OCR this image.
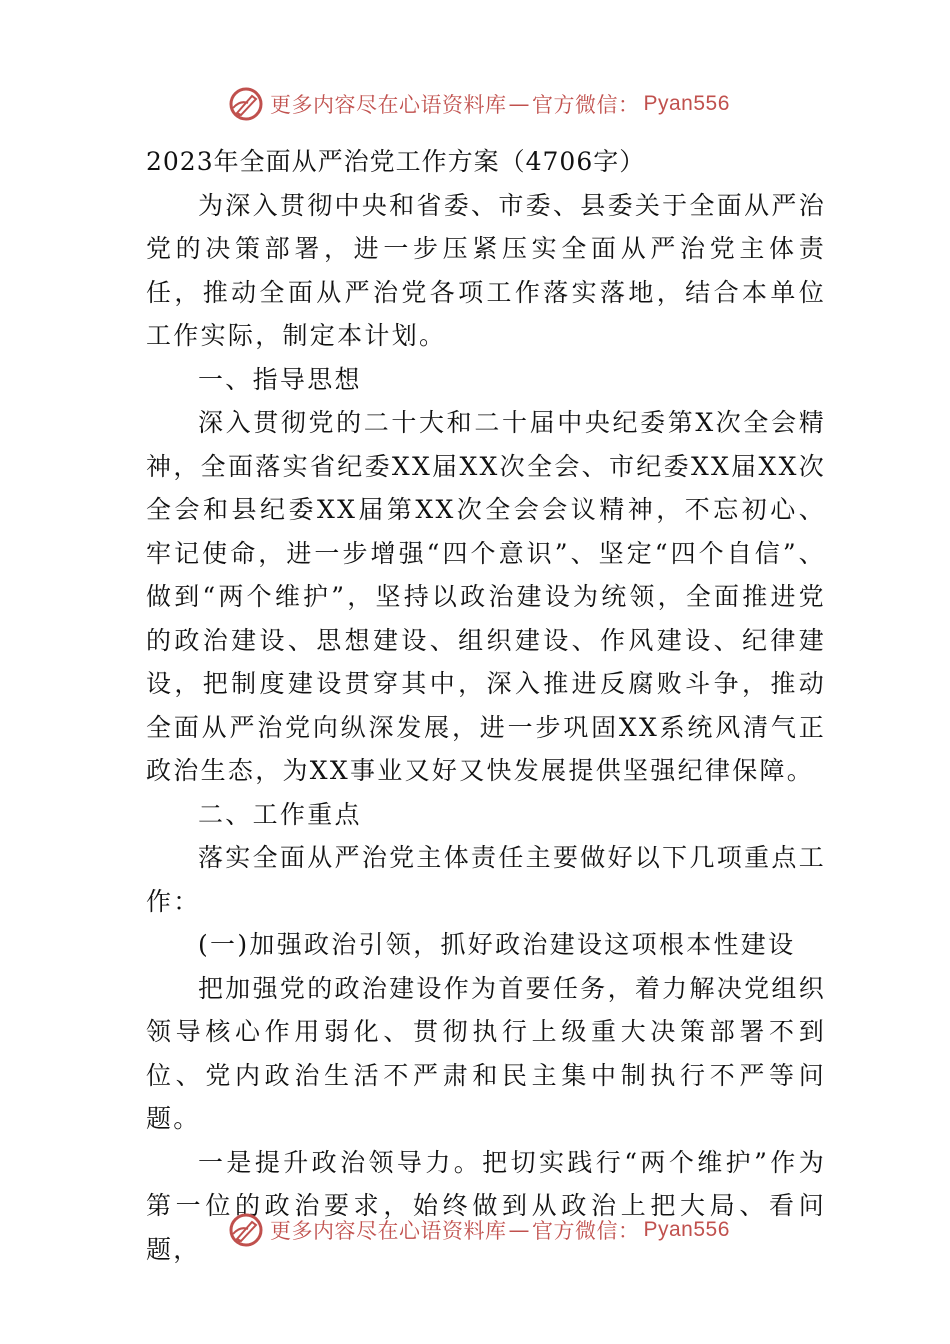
更多内容尽在心语资料库 — 官方微信： Pyan556

2023年全面从严治党工作方案（4706字）

为深入贯彻中央和省委、市委、县委关于全面从严治党的决策部署，进一步压紧压实全面从严治党主体责任，推动全面从严治党各项工作落实落地，结合本单位工作实际，制定本计划。

一、指导思想

深入贯彻党的二十大和二十届中央纪委第X次全会精神，全面落实省纪委XX届XX次全会、市纪委XX届XX次全会和县纪委XX届第XX次全会会议精神，不忘初心、牢记使命，进一步增强“四个意识”、坚定“四个自信”、做到“两个维护”，坚持以政治建设为统领，全面推进党的政治建设、思想建设、组织建设、作风建设、纪律建设，把制度建设贯穿其中，深入推进反腐败斗争，推动全面从严治党向纵深发展，进一步巩固XX系统风清气正政治生态，为XX事业又好又快发展提供坚强纪律保障。

二、工作重点

落实全面从严治党主体责任主要做好以下几项重点工作：

(一)加强政治引领，抓好政治建设这项根本性建设

把加强党的政治建设作为首要任务，着力解决党组织领导核心作用弱化、贯彻执行上级重大决策部署不到位、党内政治生活不严肃和民主集中制执行不严等问题。

一是提升政治领导力。把切实践行“两个维护”作为第一位的政治要求，始终做到从政治上把大局、看问题，

更多内容尽在心语资料库 — 官方微信： Pyan556
